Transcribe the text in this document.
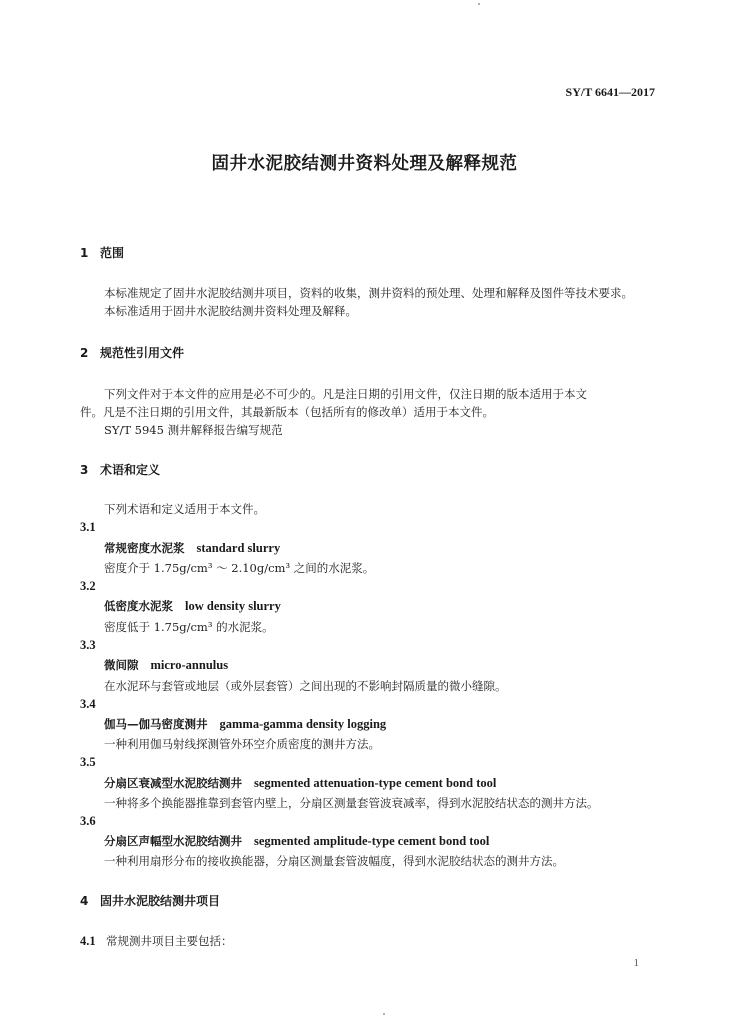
SY/T 6641—2017
固井水泥胶结测井资料处理及解释规范
1 范围
本标准规定了固井水泥胶结测井项目，资料的收集，测井资料的预处理、处理和解释及图件等技术要求。
本标准适用于固井水泥胶结测井资料处理及解释。
2 规范性引用文件
下列文件对于本文件的应用是必不可少的。凡是注日期的引用文件，仅注日期的版本适用于本文
件。凡是不注日期的引用文件，其最新版本（包括所有的修改单）适用于本文件。
SY/T 5945 测井解释报告编写规范
3 术语和定义
下列术语和定义适用于本文件。
3.1
常规密度水泥浆 standard slurry
密度介于 1.75g/cm³ ～ 2.10g/cm³ 之间的水泥浆。
3.2
低密度水泥浆 low density slurry
密度低于 1.75g/cm³ 的水泥浆。
3.3
微间隙 micro-annulus
在水泥环与套管或地层（或外层套管）之间出现的不影响封隔质量的微小缝隙。
3.4
伽马—伽马密度测井 gamma-gamma density logging
一种利用伽马射线探测管外环空介质密度的测井方法。
3.5
分扇区衰减型水泥胶结测井 segmented attenuation-type cement bond tool
一种将多个换能器推靠到套管内壁上，分扇区测量套管波衰减率，得到水泥胶结状态的测井方法。
3.6
分扇区声幅型水泥胶结测井 segmented amplitude-type cement bond tool
一种利用扇形分布的接收换能器，分扇区测量套管波幅度，得到水泥胶结状态的测井方法。
4 固井水泥胶结测井项目
4.1 常规测井项目主要包括：
1
